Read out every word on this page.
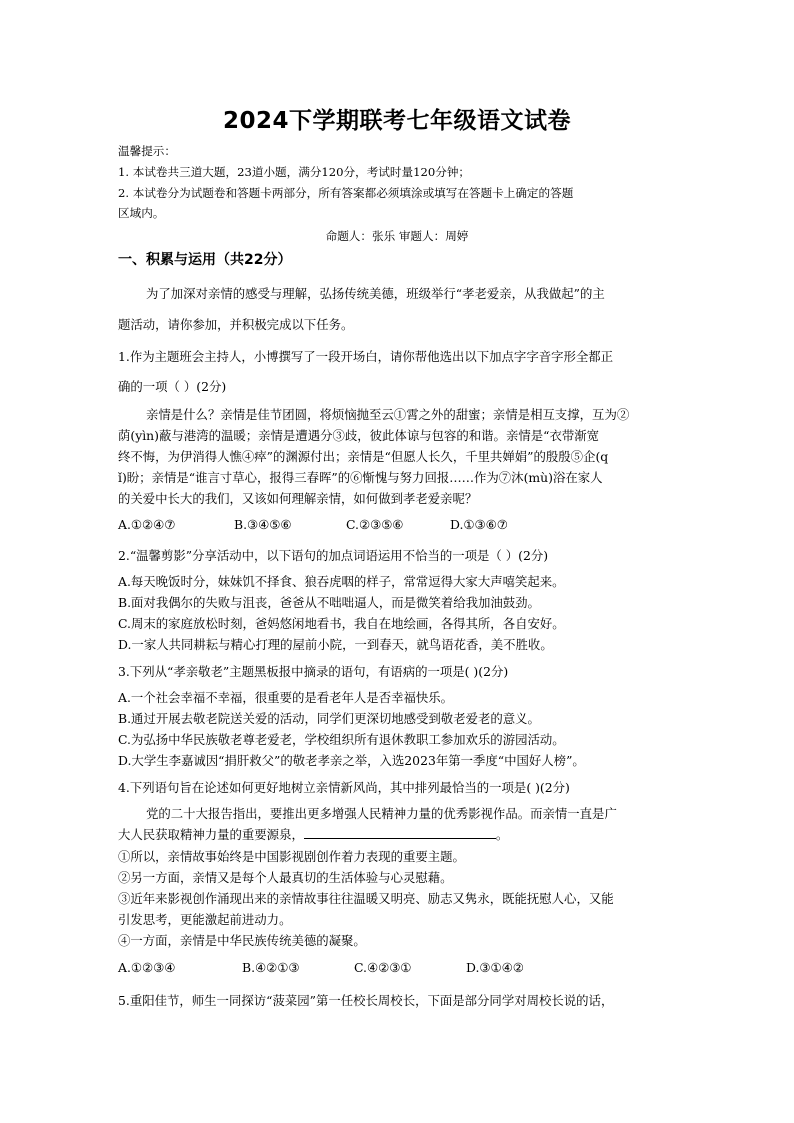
2024下学期联考七年级语文试卷
温馨提示：
1. 本试卷共三道大题，23道小题，满分120分，考试时量120分钟；
2. 本试卷分为试题卷和答题卡两部分，所有答案都必须填涂或填写在答题卡上确定的答题
区域内。
命题人：张乐 审题人：周婷
一、积累与运用（共22分）
为了加深对亲情的感受与理解，弘扬传统美德，班级举行“孝老爱亲，从我做起”的主
题活动，请你参加，并积极完成以下任务。
1.作为主题班会主持人，小博撰写了一段开场白，请你帮他选出以下加点字字音字形全都正
确的一项（ ）(2分)
亲情是什么？亲情是佳节团圆，将烦恼抛至云①霄之外的甜蜜；亲情是相互支撑，互为②
荫(yìn)蔽与港湾的温暖；亲情是遭遇分③歧，彼此体谅与包容的和谐。亲情是“衣带渐宽
终不悔，为伊消得人憔④瘁”的渊源付出；亲情是“但愿人长久，千里共婵娟”的殷殷⑤企(q
ǐ)盼；亲情是“谁言寸草心，报得三春晖”的⑥惭愧与努力回报……作为⑦沐(mù)浴在家人
的关爱中长大的我们，又该如何理解亲情，如何做到孝老爱亲呢？
A.①②④⑦	B.③④⑤⑥	C.②③⑤⑥	D.①③⑥⑦
2.“温馨剪影”分享活动中，以下语句的加点词语运用不恰当的一项是（ ）(2分)
A.每天晚饭时分，妹妹饥不择食、狼吞虎咽的样子，常常逗得大家大声嘻笑起来。
B.面对我偶尔的失败与沮丧，爸爸从不咄咄逼人，而是微笑着给我加油鼓劲。
C.周末的家庭放松时刻，爸妈悠闲地看书，我自在地绘画，各得其所，各自安好。
D.一家人共同耕耘与精心打理的屋前小院，一到春天，就鸟语花香，美不胜收。
3.下列从“孝亲敬老”主题黑板报中摘录的语句，有语病的一项是( )(2分)
A.一个社会幸福不幸福，很重要的是看老年人是否幸福快乐。
B.通过开展去敬老院送关爱的活动，同学们更深切地感受到敬老爱老的意义。
C.为弘扬中华民族敬老尊老爱老，学校组织所有退休教职工参加欢乐的游园活动。
D.大学生李嘉诚因“捐肝救父”的敬老孝亲之举，入选2023年第一季度“中国好人榜”。
4.下列语句旨在论述如何更好地树立亲情新风尚，其中排列最恰当的一项是( )(2分)
党的二十大报告指出，要推出更多增强人民精神力量的优秀影视作品。而亲情一直是广
大人民获取精神力量的重要源泉，	。
①所以，亲情故事始终是中国影视剧创作着力表现的重要主题。
②另一方面，亲情又是每个人最真切的生活体验与心灵慰藉。
③近年来影视创作涌现出来的亲情故事往往温暖又明亮、励志又隽永，既能抚慰人心，又能
引发思考，更能激起前进动力。
④一方面，亲情是中华民族传统美德的凝聚。
A.①②③④	B.④②①③	C.④②③①	D.③①④②
5.重阳佳节，师生一同探访“菠菜园”第一任校长周校长，下面是部分同学对周校长说的话，
